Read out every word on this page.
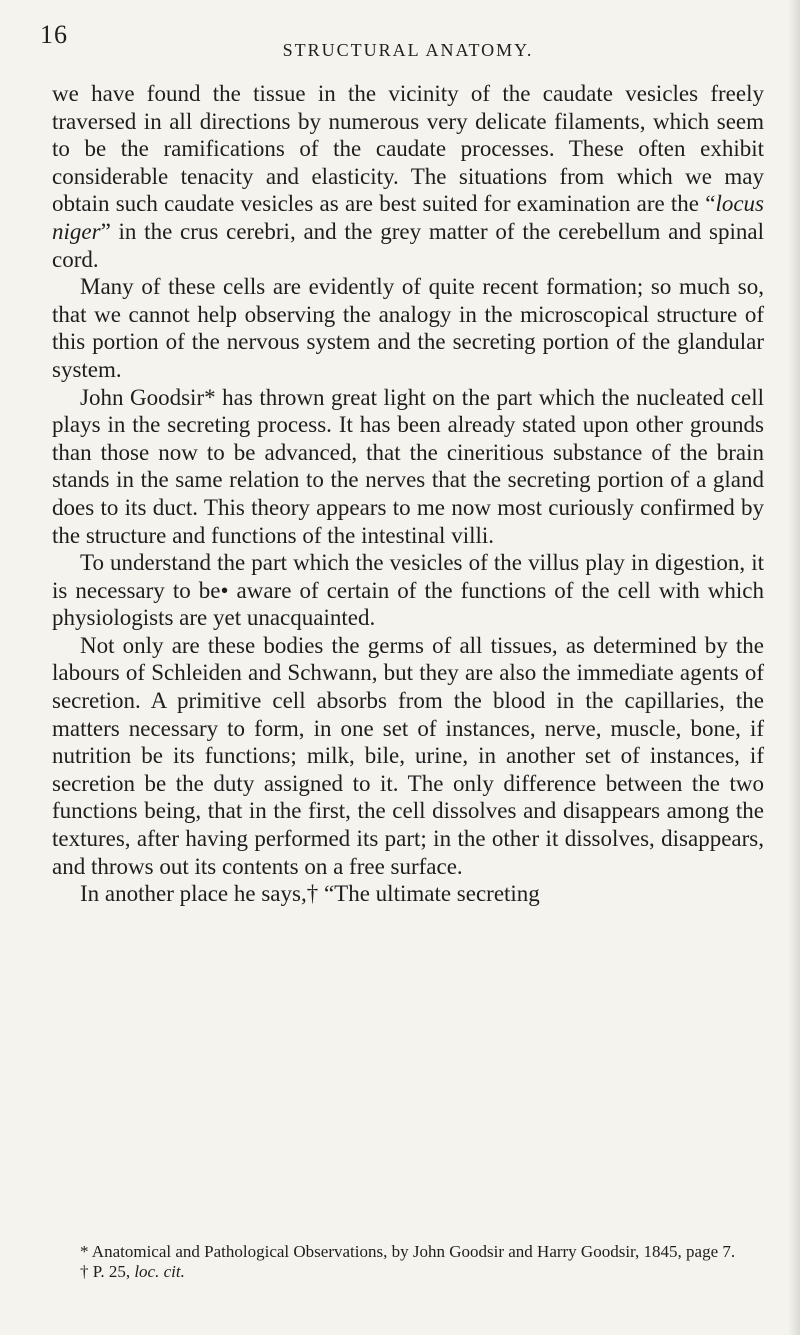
16
STRUCTURAL ANATOMY.

we have found the tissue in the vicinity of the caudate vesicles freely traversed in all directions by numerous very delicate filaments, which seem to be the ramifications of the caudate processes. These often exhibit considerable tenacity and elasticity. The situations from which we may obtain such caudate vesicles as are best suited for examination are the “locus niger” in the crus cerebri, and the grey matter of the cerebellum and spinal cord.

Many of these cells are evidently of quite recent formation; so much so, that we cannot help observing the analogy in the microscopical structure of this portion of the nervous system and the secreting portion of the glandular system.

John Goodsir* has thrown great light on the part which the nucleated cell plays in the secreting process. It has been already stated upon other grounds than those now to be advanced, that the cineritious substance of the brain stands in the same relation to the nerves that the secreting portion of a gland does to its duct. This theory appears to me now most curiously confirmed by the structure and functions of the intestinal villi.

To understand the part which the vesicles of the villus play in digestion, it is necessary to be• aware of certain of the functions of the cell with which physiologists are yet unacquainted.

Not only are these bodies the germs of all tissues, as determined by the labours of Schleiden and Schwann, but they are also the immediate agents of secretion. A primitive cell absorbs from the blood in the capillaries, the matters necessary to form, in one set of instances, nerve, muscle, bone, if nutrition be its functions; milk, bile, urine, in another set of instances, if secretion be the duty assigned to it. The only difference between the two functions being, that in the first, the cell dissolves and disappears among the textures, after having performed its part; in the other it dissolves, disappears, and throws out its contents on a free surface.

In another place he says,† “The ultimate secreting

* Anatomical and Pathological Observations, by John Goodsir and Harry Goodsir, 1845, page 7.

† P. 25, loc. cit.
